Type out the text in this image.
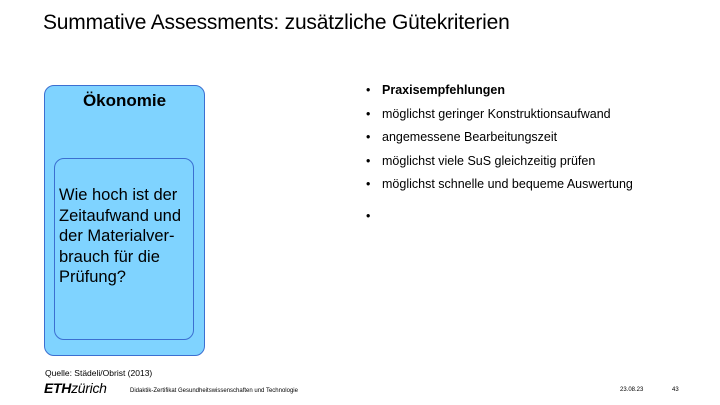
Summative Assessments: zusätzliche Gütekriterien
Ökonomie
Wie hoch ist der Zeitaufwand und der Materialver-brauch für die Prüfung?
• Praxisempfehlungen
• möglichst geringer Konstruktionsaufwand
• angemessene Bearbeitungszeit
• möglichst viele SuS gleichzeitig prüfen
• möglichst schnelle und bequeme Auswertung
•
Quelle: Städeli/Obrist (2013)
ETHzürich	Didaktik-Zertifikat Gesundheitswissenschaften und Technologie	23.08.23	43
